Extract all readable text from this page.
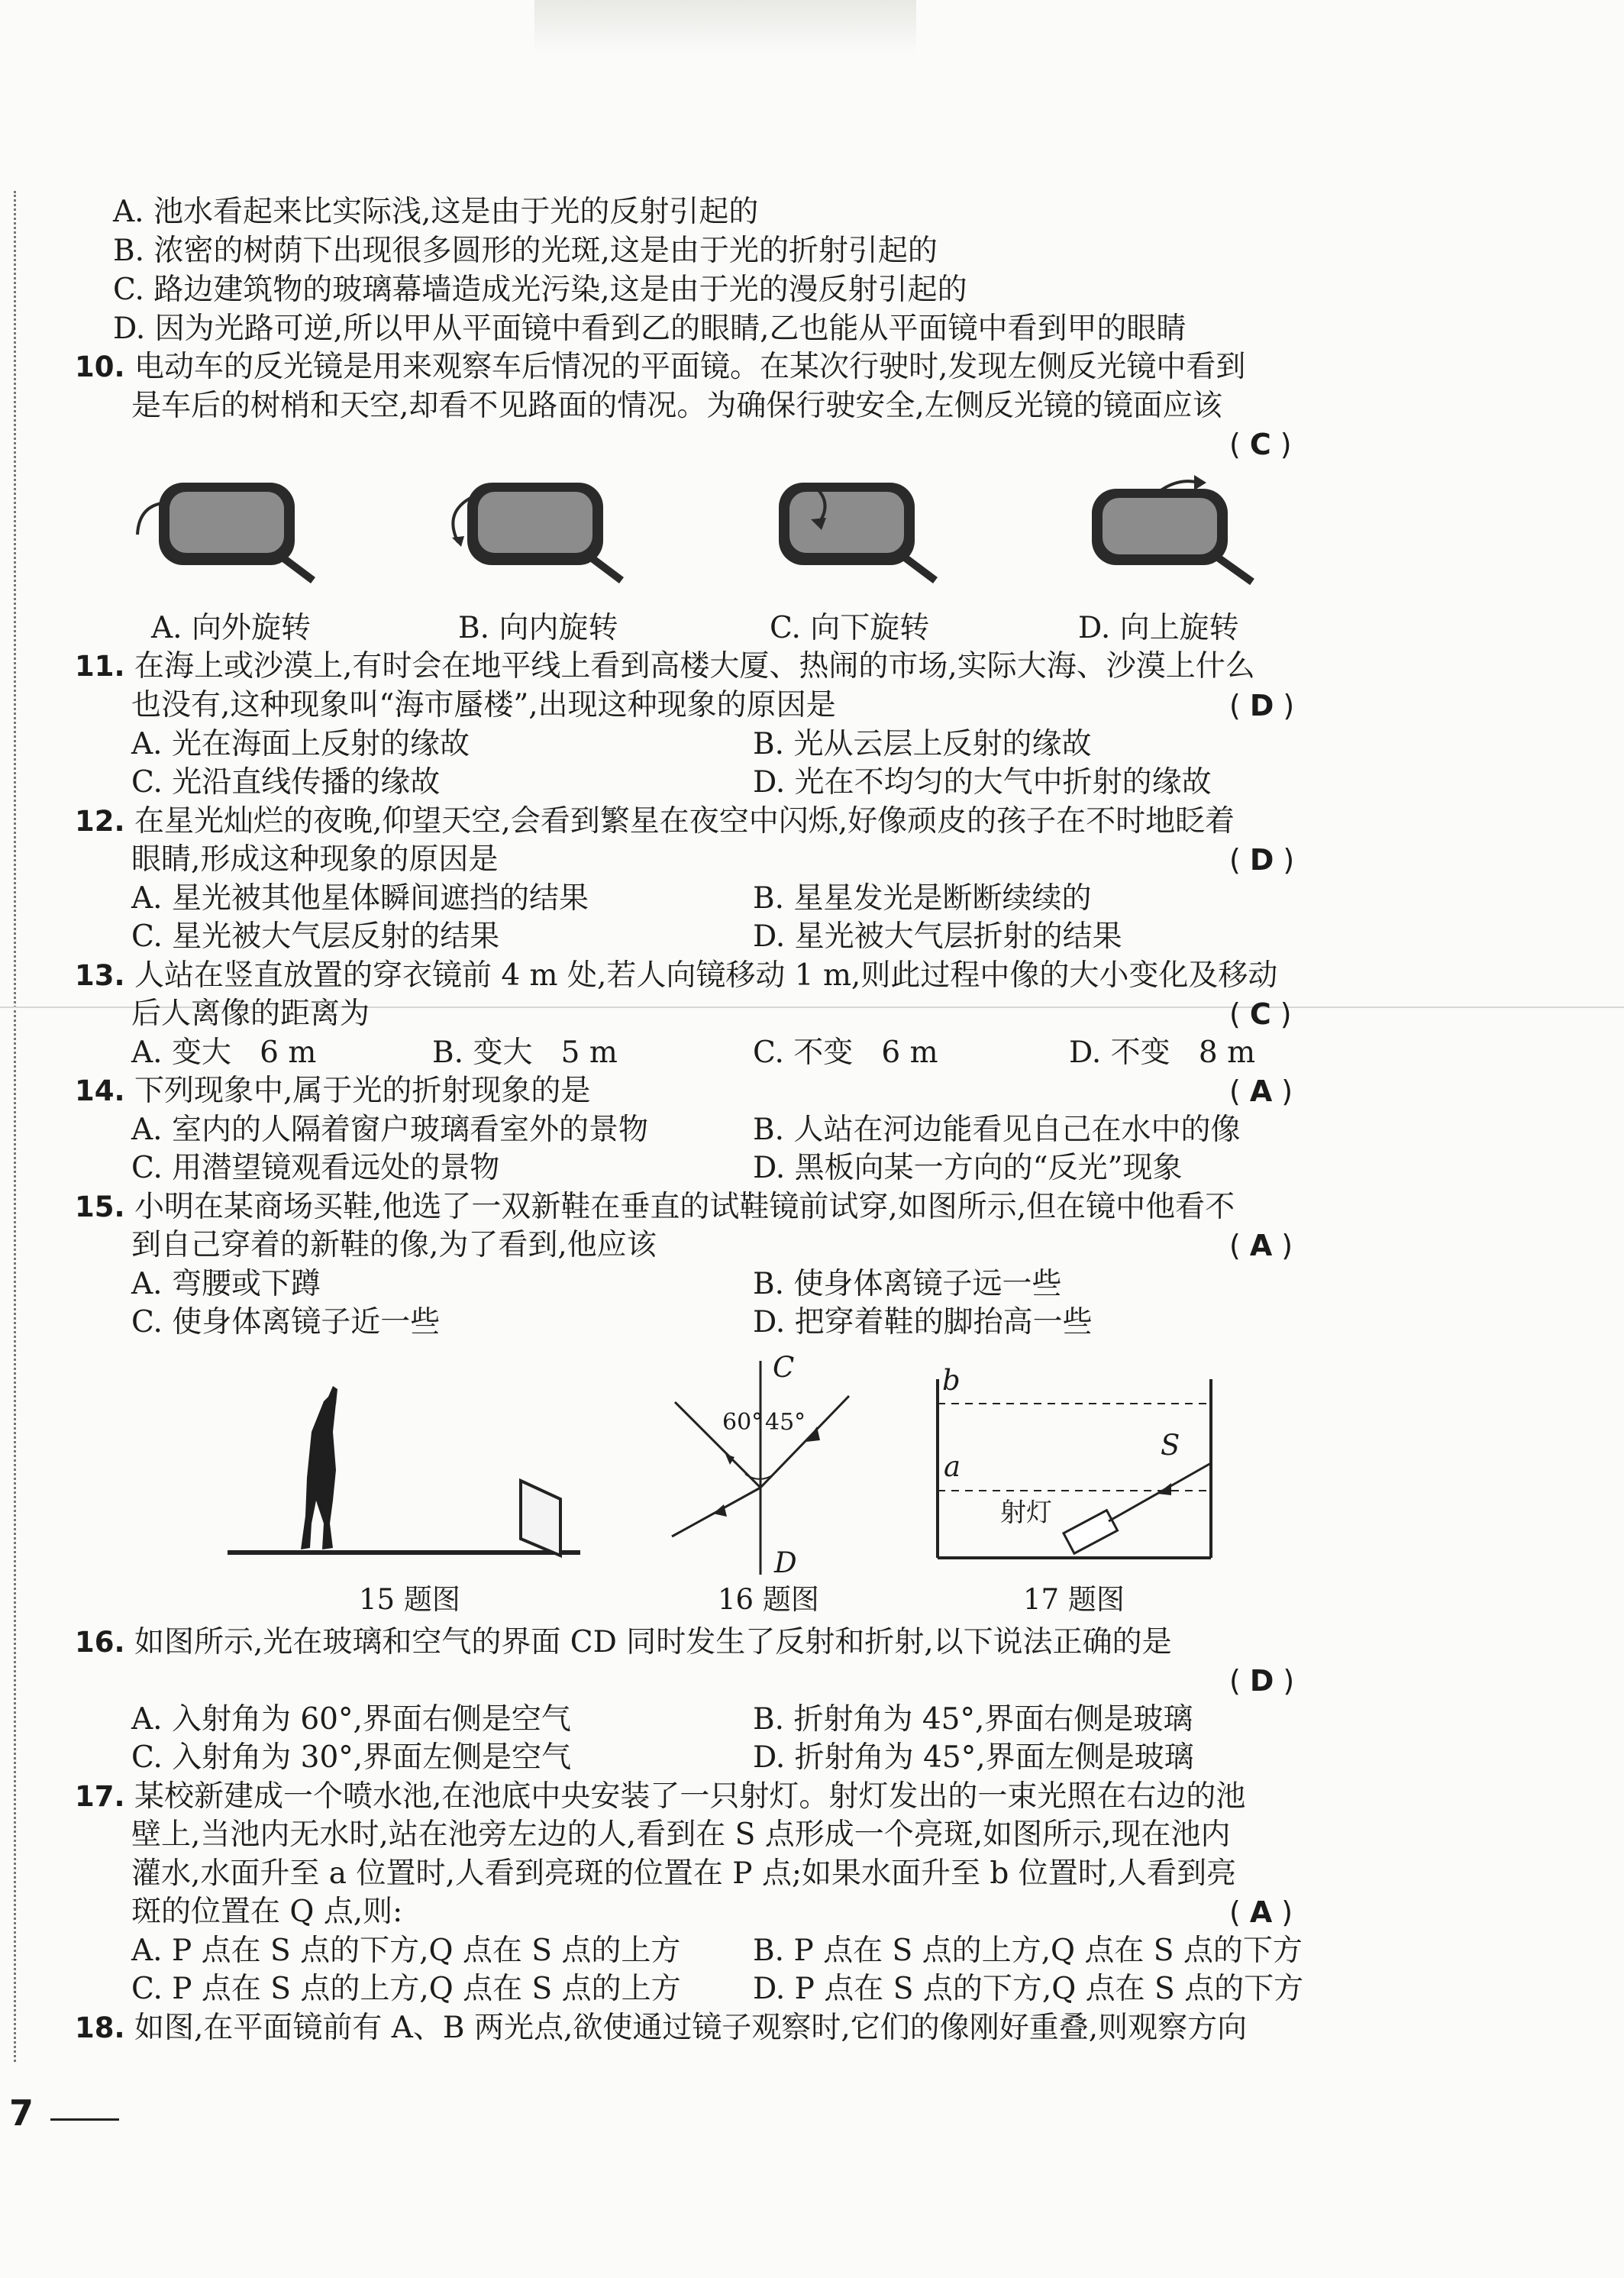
A. 池水看起来比实际浅,这是由于光的反射引起的
B. 浓密的树荫下出现很多圆形的光斑,这是由于光的折射引起的
C. 路边建筑物的玻璃幕墙造成光污染,这是由于光的漫反射引起的
D. 因为光路可逆,所以甲从平面镜中看到乙的眼睛,乙也能从平面镜中看到甲的眼睛
10. 电动车的反光镜是用来观察车后情况的平面镜。在某次行驶时,发现左侧反光镜中看到
是车后的树梢和天空,却看不见路面的情况。为确保行驶安全,左侧反光镜的镜面应该
( C )
A. 向外旋转	B. 向内旋转	C. 向下旋转	D. 向上旋转
11. 在海上或沙漠上,有时会在地平线上看到高楼大厦、热闹的市场,实际大海、沙漠上什么
也没有,这种现象叫“海市蜃楼”,出现这种现象的原因是	( D )
A. 光在海面上反射的缘故	B. 光从云层上反射的缘故
C. 光沿直线传播的缘故	D. 光在不均匀的大气中折射的缘故
12. 在星光灿烂的夜晚,仰望天空,会看到繁星在夜空中闪烁,好像顽皮的孩子在不时地眨着
眼睛,形成这种现象的原因是	( D )
A. 星光被其他星体瞬间遮挡的结果	B. 星星发光是断断续续的
C. 星光被大气层反射的结果	D. 星光被大气层折射的结果
13. 人站在竖直放置的穿衣镜前 4 m 处,若人向镜移动 1 m,则此过程中像的大小变化及移动
后人离像的距离为	( C )
A. 变大   6 m	B. 变大   5 m	C. 不变   6 m	D. 不变   8 m
14. 下列现象中,属于光的折射现象的是	( A )
A. 室内的人隔着窗户玻璃看室外的景物	B. 人站在河边能看见自己在水中的像
C. 用潜望镜观看远处的景物	D. 黑板向某一方向的“反光”现象
15. 小明在某商场买鞋,他选了一双新鞋在垂直的试鞋镜前试穿,如图所示,但在镜中他看不
到自己穿着的新鞋的像,为了看到,他应该	( A )
A. 弯腰或下蹲	B. 使身体离镜子远一些
C. 使身体离镜子近一些	D. 把穿着鞋的脚抬高一些
15 题图
C
D
60° 45°
16 题图
b
a
S
射灯
17 题图
16. 如图所示,光在玻璃和空气的界面 CD 同时发生了反射和折射,以下说法正确的是
( D )
A. 入射角为 60°,界面右侧是空气	B. 折射角为 45°,界面右侧是玻璃
C. 入射角为 30°,界面左侧是空气	D. 折射角为 45°,界面左侧是玻璃
17. 某校新建成一个喷水池,在池底中央安装了一只射灯。射灯发出的一束光照在右边的池
壁上,当池内无水时,站在池旁左边的人,看到在 S 点形成一个亮斑,如图所示,现在池内
灌水,水面升至 a 位置时,人看到亮斑的位置在 P 点;如果水面升至 b 位置时,人看到亮
斑的位置在 Q 点,则:	( A )
A. P 点在 S 点的下方,Q 点在 S 点的上方 B. P 点在 S 点的上方,Q 点在 S 点的下方
C. P 点在 S 点的上方,Q 点在 S 点的上方 D. P 点在 S 点的下方,Q 点在 S 点的下方
18. 如图,在平面镜前有 A、B 两光点,欲使通过镜子观察时,它们的像刚好重叠,则观察方向
7
